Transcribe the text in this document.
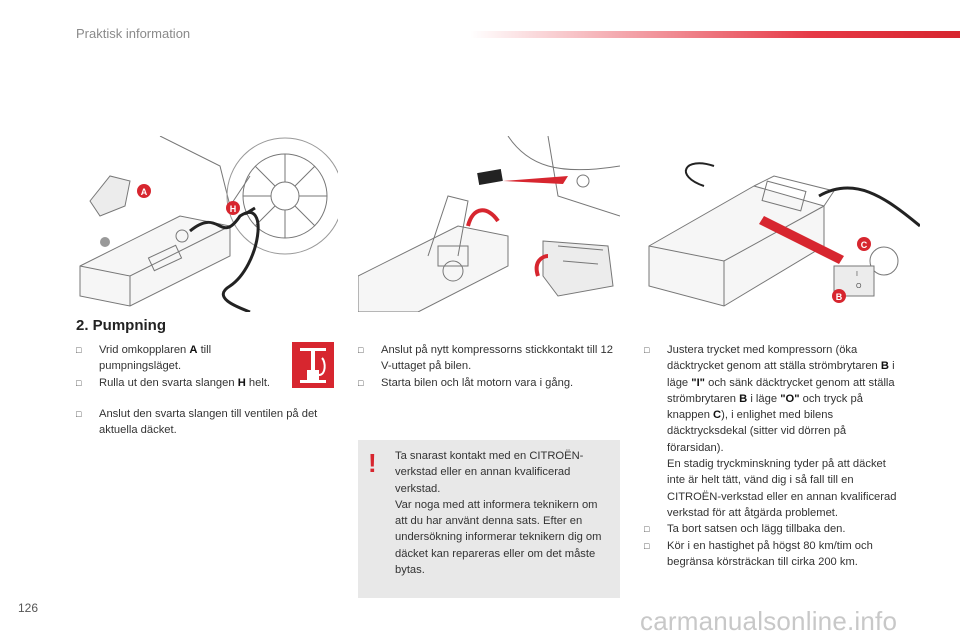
Praktisk information
A
H
C
B
I
O
2. Pumpning
□ Vrid omkopplaren A till pumpningsläget.
□ Rulla ut den svarta slangen H helt.
□ Anslut den svarta slangen till ventilen på det aktuella däcket.
□ Anslut på nytt kompressorns stickkontakt till 12 V-uttaget på bilen.
□ Starta bilen och låt motorn vara i gång.
! Ta snarast kontakt med en CITROËN-verkstad eller en annan kvalificerad verkstad.
Var noga med att informera teknikern om att du har använt denna sats. Efter en undersökning informerar teknikern dig om däcket kan repareras eller om det måste bytas.
□ Justera trycket med kompressorn (öka däcktrycket genom att ställa strömbrytaren B i läge "I" och sänk däcktrycket genom att ställa strömbrytaren B i läge "O" och tryck på knappen C), i enlighet med bilens däcktrycksdekal (sitter vid dörren på förarsidan).

En stadig tryckminskning tyder på att däcket inte är helt tätt, vänd dig i så fall till en CITROËN-verkstad eller en annan kvalificerad verkstad för att åtgärda problemet.

□ Ta bort satsen och lägg tillbaka den.
□ Kör i en hastighet på högst 80 km/tim och begränsa körsträckan till cirka 200 km.
126	carmanualsonline.info
